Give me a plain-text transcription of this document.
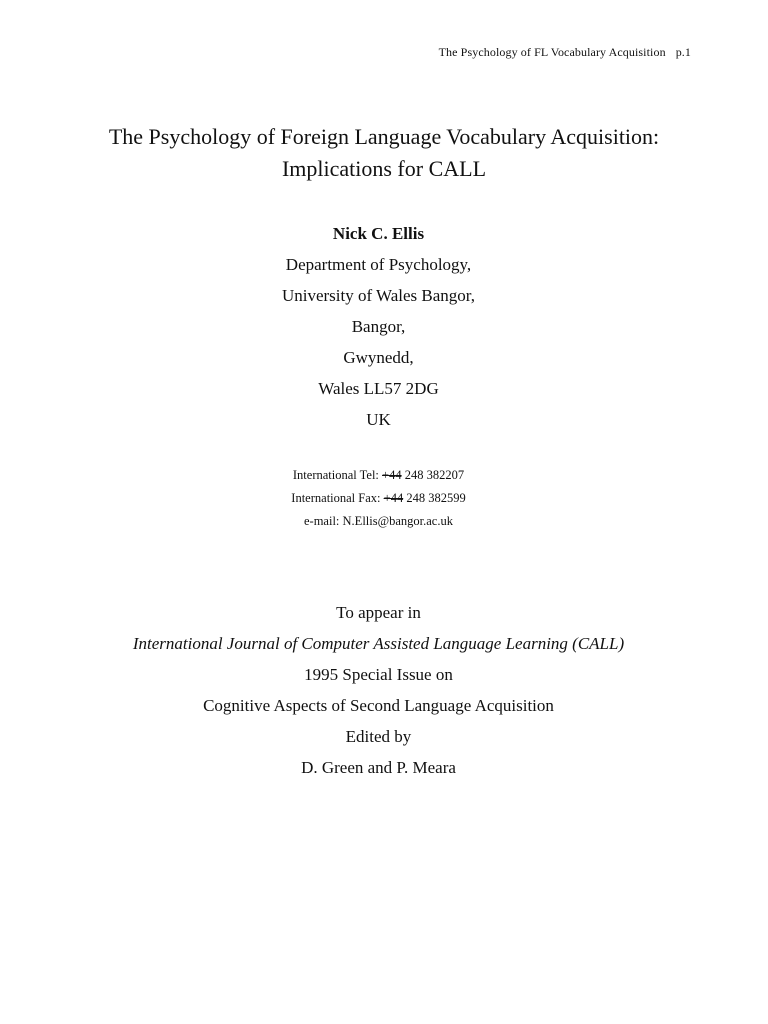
The Psychology of FL Vocabulary Acquisition p.1
The Psychology of Foreign Language Vocabulary Acquisition:
Implications for CALL
Nick C. Ellis
Department of Psychology,
University of Wales Bangor,
Bangor,
Gwynedd,
Wales LL57 2DG
UK
International Tel: +44 248 382207
International Fax: +44 248 382599
e-mail: N.Ellis@bangor.ac.uk
To appear in
International Journal of Computer Assisted Language Learning (CALL)
1995 Special Issue on
Cognitive Aspects of Second Language Acquisition
Edited by
D. Green and P. Meara
